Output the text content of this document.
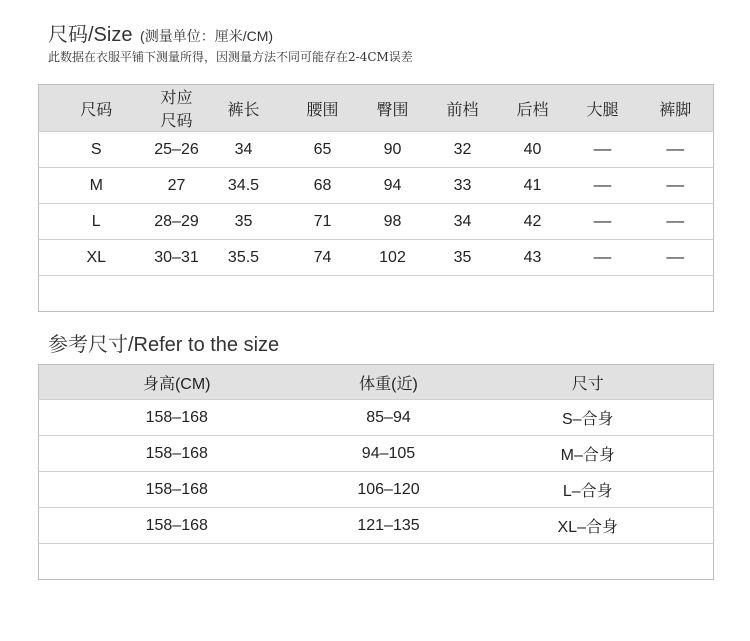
尺码/Size (测量单位：厘米/CM)
此数据在衣服平铺下测量所得，因测量方法不同可能存在2-4CM误差
尺码	对应尺码	裤长	腰围	臀围	前档	后档	大腿	裤脚
S	25–26	34	65	90	32	40	––	––
M	27	34.5	68	94	33	41	––	––
L	28–29	35	71	98	34	42	––	––
XL	30–31	35.5	74	102	35	43	––	––

参考尺寸/Refer to the size
身高(CM)	体重(近)	尺寸
158–168	85–94	S–合身
158–168	94–105	M–合身
158–168	106–120	L–合身
158–168	121–135	XL–合身
